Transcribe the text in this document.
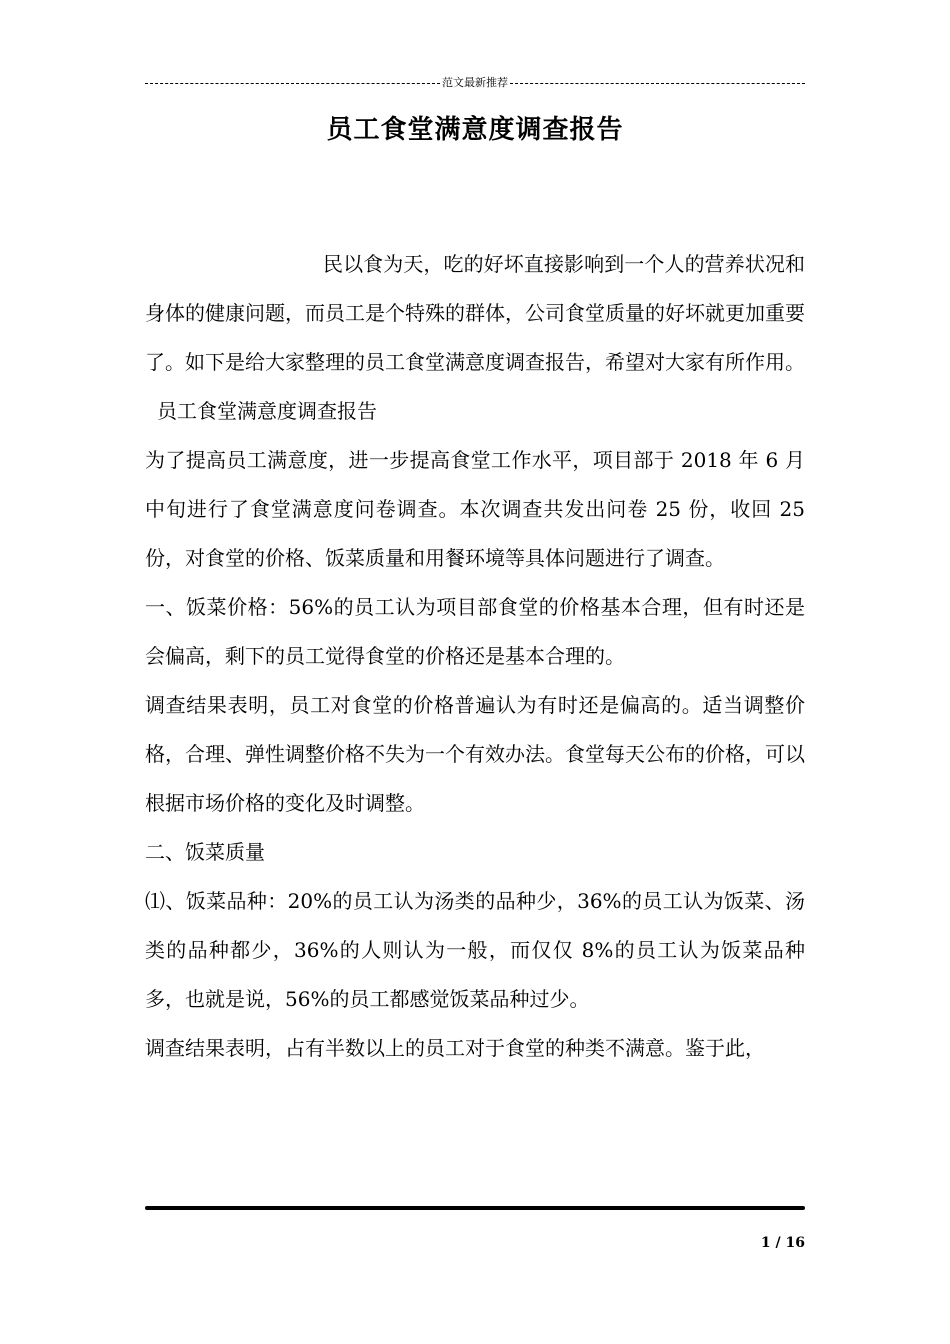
范文最新推荐
员工食堂满意度调查报告

民以食为天，吃的好坏直接影响到一个人的营养状况和身体的健康问题，而员工是个特殊的群体，公司食堂质量的好坏就更加重要了。如下是给大家整理的员工食堂满意度调查报告，希望对大家有所作用。

员工食堂满意度调查报告

为了提高员工满意度，进一步提高食堂工作水平，项目部于 2018 年 6 月中旬进行了食堂满意度问卷调查。本次调查共发出问卷 25 份，收回 25 份，对食堂的价格、饭菜质量和用餐环境等具体问题进行了调查。

一、饭菜价格：56%的员工认为项目部食堂的价格基本合理，但有时还是会偏高，剩下的员工觉得食堂的价格还是基本合理的。

调查结果表明，员工对食堂的价格普遍认为有时还是偏高的。适当调整价格，合理、弹性调整价格不失为一个有效办法。食堂每天公布的价格，可以根据市场价格的变化及时调整。

二、饭菜质量

⑴、饭菜品种：20%的员工认为汤类的品种少，36%的员工认为饭菜、汤类的品种都少，36%的人则认为一般，而仅仅 8%的员工认为饭菜品种多，也就是说，56%的员工都感觉饭菜品种过少。

调查结果表明，占有半数以上的员工对于食堂的种类不满意。鉴于此，

1 / 16
